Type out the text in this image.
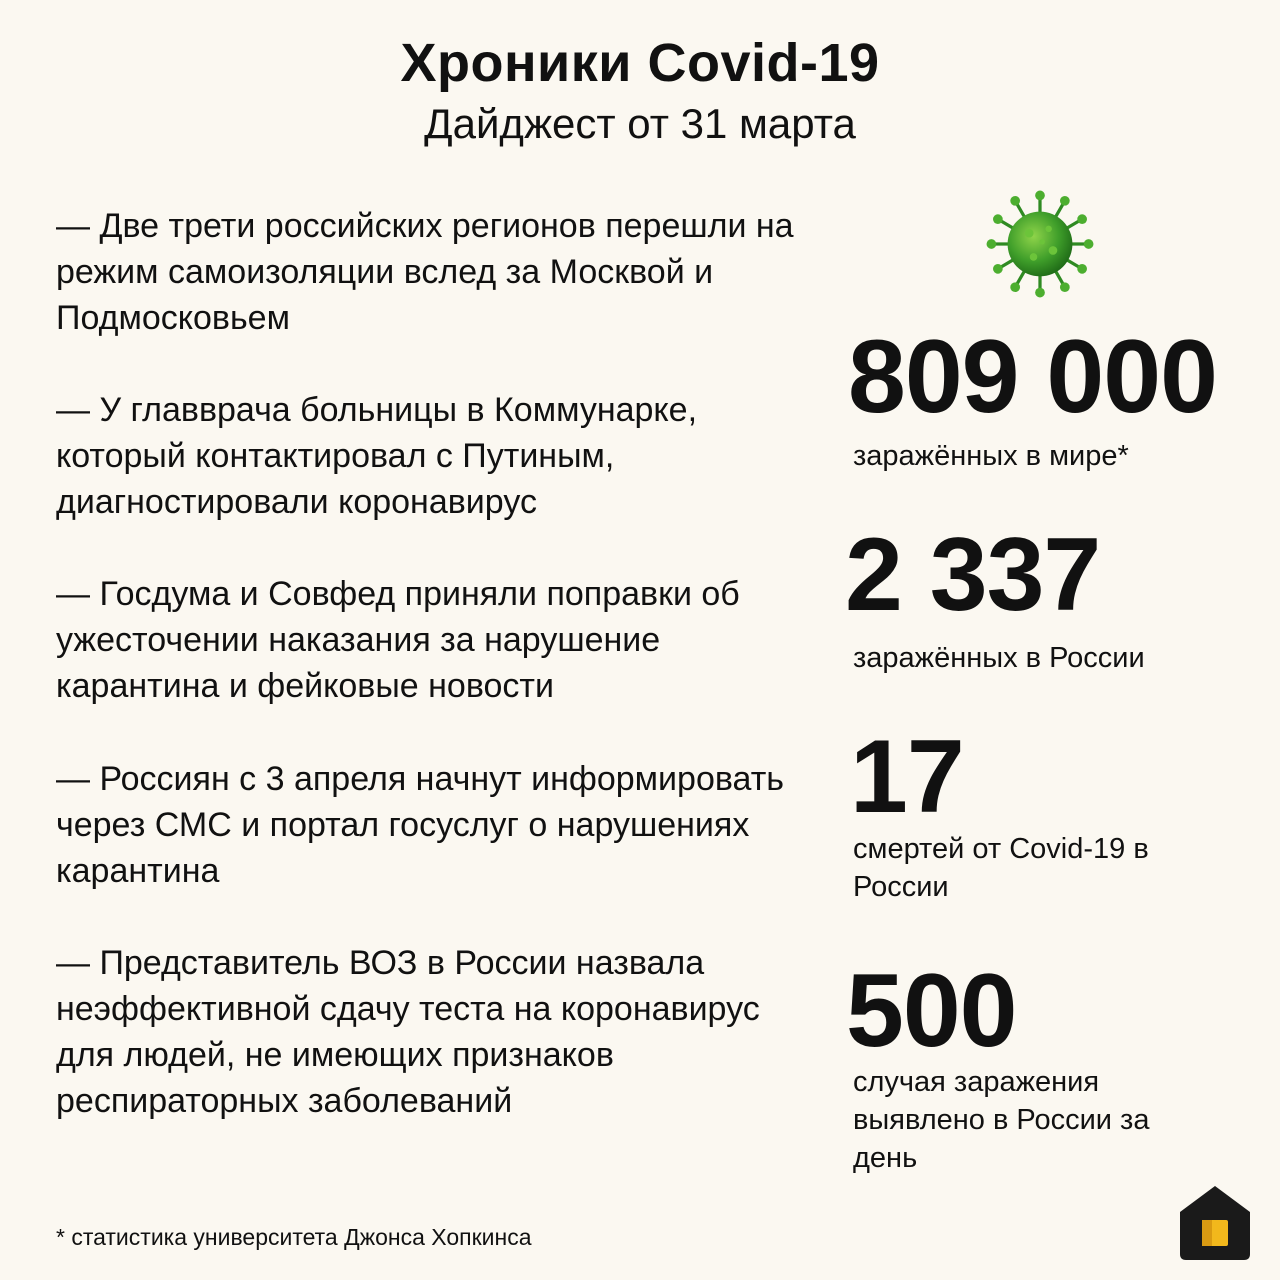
Хроники Covid-19
Дайджест от 31 марта

— Две трети российских регионов перешли на режим самоизоляции вслед за Москвой и Подмосковьем

— У главврача больницы в Коммунарке, который контактировал с Путиным, диагностировали коронавирус

— Госдума и Совфед приняли поправки об ужесточении наказания за нарушение карантина и фейковые новости

— Россиян с 3 апреля начнут информировать через СМС и портал госуслуг о нарушениях карантина

— Представитель ВОЗ в России назвала неэффективной сдачу теста на коронавирус для людей, не имеющих признаков респираторных заболеваний

809 000
заражённых в мире*
2 337
заражённых в России
17
смертей от Covid-19 в России
500
случая заражения выявлено в России за день
* статистика университета Джонса Хопкинса
